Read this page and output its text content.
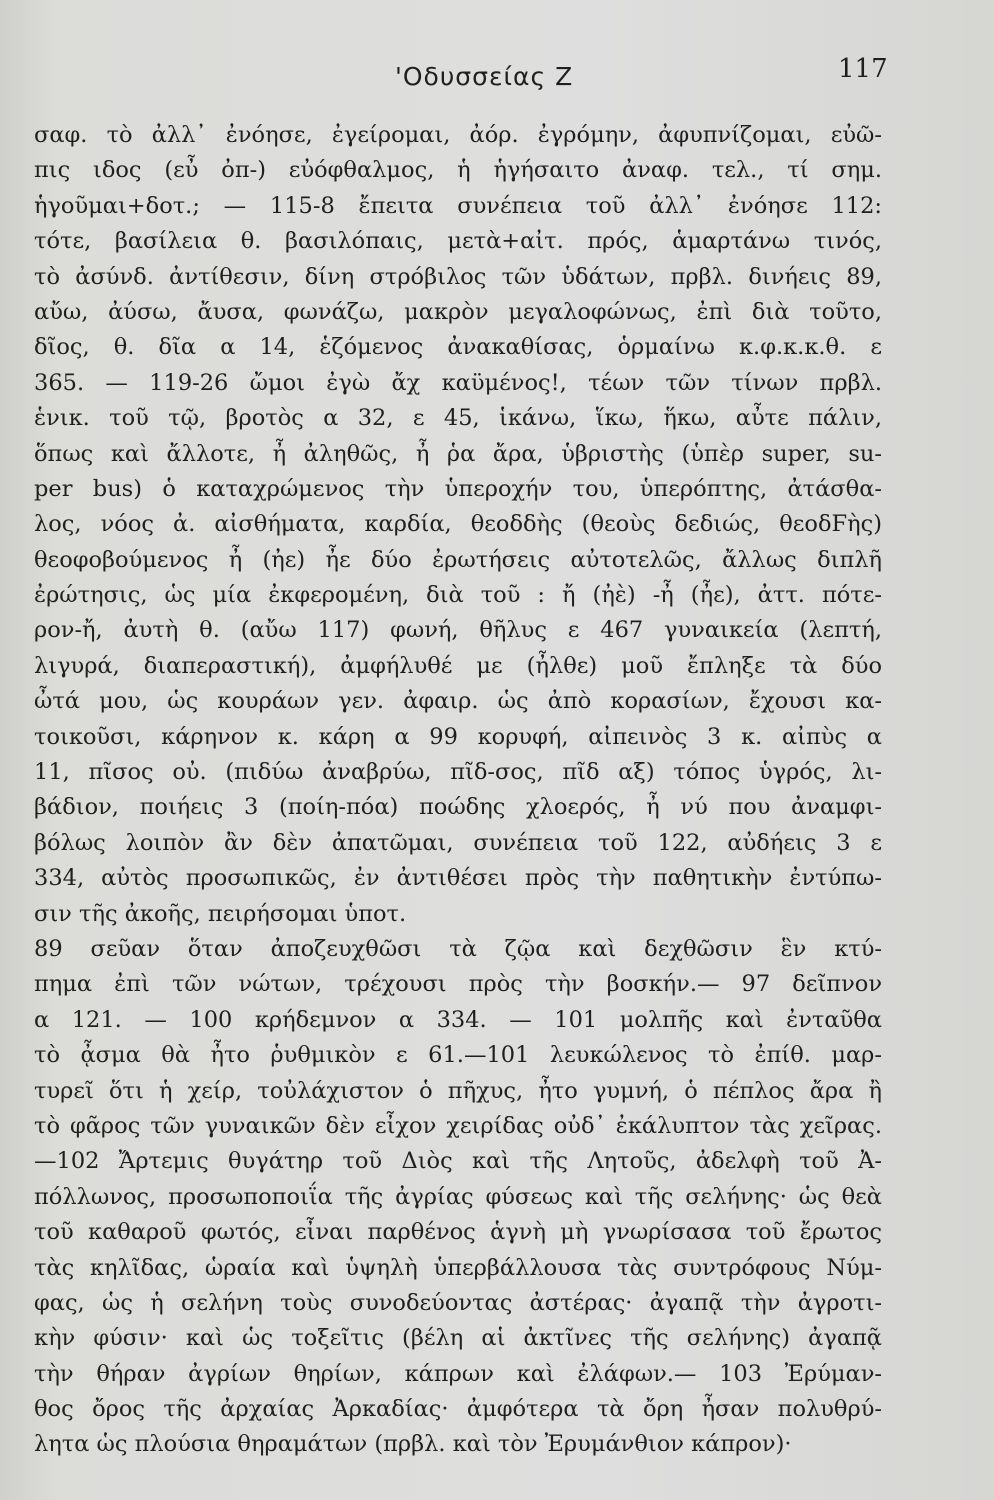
'Οδυσσείας Ζ	117
σαφ. τὸ ἀλλ᾽ ἐνόησε, ἐγείρομαι, ἀόρ. ἐγρόμην, ἀφυπνίζομαι, εὐῶ-
πις ιδος (εὖ ὀπ-) εὐόφθαλμος, ἡ ἡγήσαιτο ἀναφ. τελ., τί σημ.
ἡγοῦμαι+δοτ.; — 115-8 ἔπειτα συνέπεια τοῦ ἀλλ᾽ ἐνόησε 112:
τότε, βασίλεια θ. βασιλόπαις, μετὰ+αἰτ. πρός, ἁμαρτάνω τινός,
τὸ ἀσύνδ. ἀντίθεσιν, δίνη στρόβιλος τῶν ὑδάτων, πρβλ. δινήεις 89,
αὔω, ἀύσω, ἄυσα, φωνάζω, μακρὸν μεγαλοφώνως, ἐπὶ διὰ τοῦτο,
δῖος, θ. δῖα α 14, ἑζόμενος ἀνακαθίσας, ὁρμαίνω κ.φ.κ.κ.θ. ε
365. — 119-26 ὤμοι ἐγὼ ἄχ καϋμένος!, τέων τῶν τίνων πρβλ.
ἑνικ. τοῦ τῷ, βροτὸς α 32, ε 45, ἱκάνω, ἵκω, ἥκω, αὖτε πάλιν,
ὅπως καὶ ἄλλοτε, ἦ ἀληθῶς, ἦ ῥα ἄρα, ὑβριστὴς (ὑπὲρ super, su-
per bus) ὁ καταχρώμενος τὴν ὑπεροχήν του, ὑπερόπτης, ἀτάσθα-
λος, νόος ἀ. αἰσθήματα, καρδία, θεοδδὴς (θεοὺς δεδιώς, θεοδϜὴς)
θεοφοβούμενος ἦ (ἠε) ἦε δύο ἐρωτήσεις αὐτοτελῶς, ἄλλως διπλῆ
ἐρώτησις, ὡς μία ἐκφερομένη, διὰ τοῦ : ἤ (ἠὲ) -ἦ (ἦε), ἀττ. πότε-
ρον-ἤ, ἀυτὴ θ. (αὔω 117) φωνή, θῆλυς ε 467 γυναικεία (λεπτή,
λιγυρά, διαπεραστική), ἀμφήλυθέ με (ἦλθε) μοῦ ἔπληξε τὰ δύο
ὦτά μου, ὡς κουράων γεν. ἀφαιρ. ὡς ἀπὸ κορασίων, ἔχουσι κα-
τοικοῦσι, κάρηνον κ. κάρη α 99 κορυφή, αἰπεινὸς 3 κ. αἰπὺς α
11, πῖσος οὐ. (πιδύω ἀναβρύω, πῖδ-σος, πῖδ αξ) τόπος ὑγρός, λι-
βάδιον, ποιήεις 3 (ποίη-πόα) ποώδης χλοερός, ἦ νύ που ἀναμφι-
βόλως λοιπὸν ἂν δὲν ἀπατῶμαι, συνέπεια τοῦ 122, αὐδήεις 3 ε
334, αὐτὸς προσωπικῶς, ἐν ἀντιθέσει πρὸς τὴν παθητικὴν ἐντύπω-
σιν τῆς ἀκοῆς, πειρήσομαι ὑποτ.
89 σεῦαν ὅταν ἀποζευχθῶσι τὰ ζῷα καὶ δεχθῶσιν ἓν κτύ-
πημα ἐπὶ τῶν νώτων, τρέχουσι πρὸς τὴν βοσκήν.— 97 δεῖπνον
α 121. — 100 κρήδεμνον α 334. — 101 μολπῆς καὶ ἐνταῦθα
τὸ ᾆσμα θὰ ἦτο ῥυθμικὸν ε 61.—101 λευκώλενος τὸ ἐπίθ. μαρ-
τυρεῖ ὅτι ἡ χείρ, τοὐλάχιστον ὁ πῆχυς, ἦτο γυμνή, ὁ πέπλος ἄρα ἢ
τὸ φᾶρος τῶν γυναικῶν δὲν εἶχον χειρίδας οὐδ᾽ ἐκάλυπτον τὰς χεῖρας.
—102 Ἄρτεμις θυγάτηρ τοῦ Διὸς καὶ τῆς Λητοῦς, ἀδελφὴ τοῦ Ἀ-
πόλλωνος, προσωποποιΐα τῆς ἀγρίας φύσεως καὶ τῆς σελήνης· ὡς θεὰ
τοῦ καθαροῦ φωτός, εἶναι παρθένος ἁγνὴ μὴ γνωρίσασα τοῦ ἔρωτος
τὰς κηλῖδας, ὡραία καὶ ὑψηλὴ ὑπερβάλλουσα τὰς συντρόφους Νύμ-
φας, ὡς ἡ σελήνη τοὺς συνοδεύοντας ἀστέρας· ἀγαπᾷ τὴν ἀγροτι-
κὴν φύσιν· καὶ ὡς τοξεῖτις (βέλη αἱ ἀκτῖνες τῆς σελήνης) ἀγαπᾷ
τὴν θήραν ἀγρίων θηρίων, κάπρων καὶ ἐλάφων.— 103 Ἐρύμαν-
θος ὄρος τῆς ἀρχαίας Ἀρκαδίας· ἀμφότερα τὰ ὄρη ἦσαν πολυθρύ-
λητα ὡς πλούσια θηραμάτων (πρβλ. καὶ τὸν Ἐρυμάνθιον κάπρον)·
